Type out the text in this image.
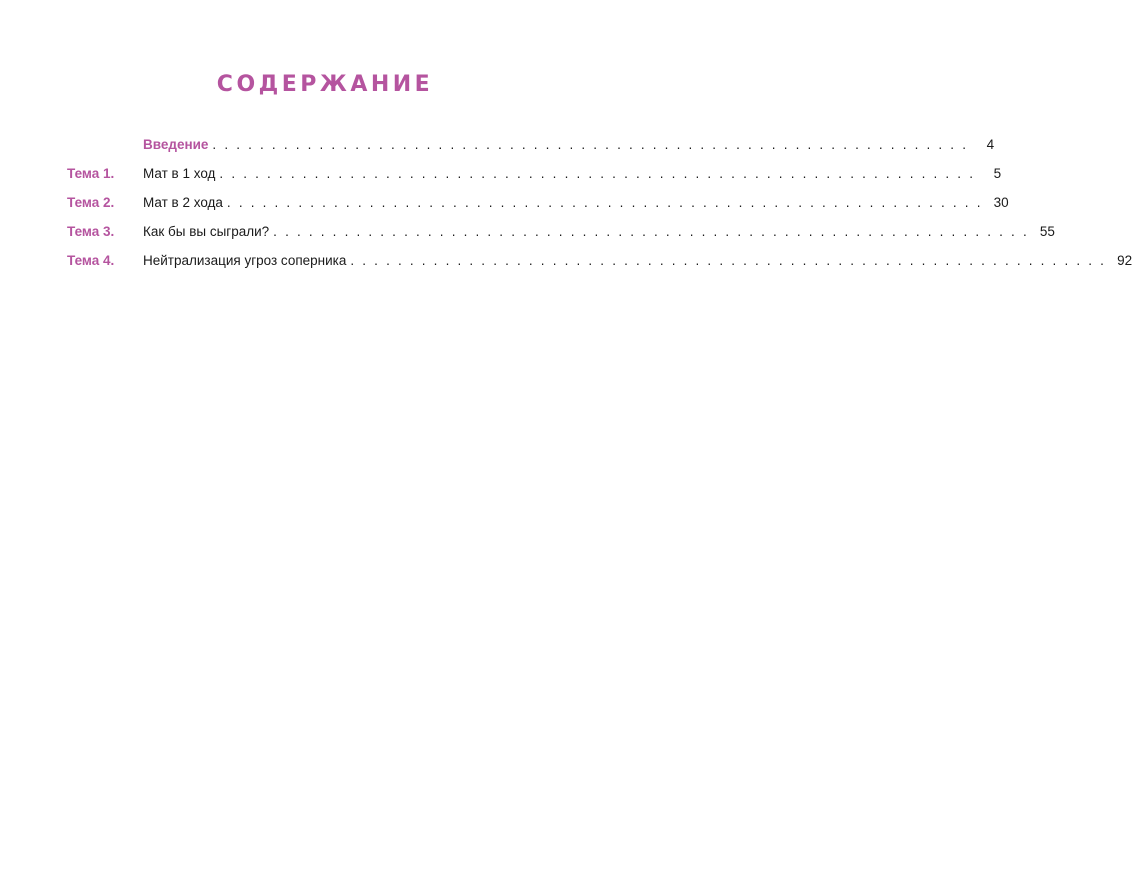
СОДЕРЖАНИЕ
Введение . . . . . . . . . . . . . . . . . . . . . . . . . . . . . . . . . . . . . . . . . . . . . . . . . . . . . . . . . . . . . . . .	4
Тема 1.	Мат в 1 ход . . . . . . . . . . . . . . . . . . . . . . . . . . . . . . . . . . . . . . . . . . . . . . . . . . . . . . . . . . . . . . . .	5
Тема 2.	Мат в 2 хода . . . . . . . . . . . . . . . . . . . . . . . . . . . . . . . . . . . . . . . . . . . . . . . . . . . . . . . . . . . . . . . . 30
Тема 3.	Как бы вы сыграли? . . . . . . . . . . . . . . . . . . . . . . . . . . . . . . . . . . . . . . . . . . . . . . . . . . . . . . . . . . . . . . . . 55
Тема 4.	Нейтрализация угроз соперника . . . . . . . . . . . . . . . . . . . . . . . . . . . . . . . . . . . . . . . . . . . . . . . . . . . . . . . . . . . . . . . . 92
